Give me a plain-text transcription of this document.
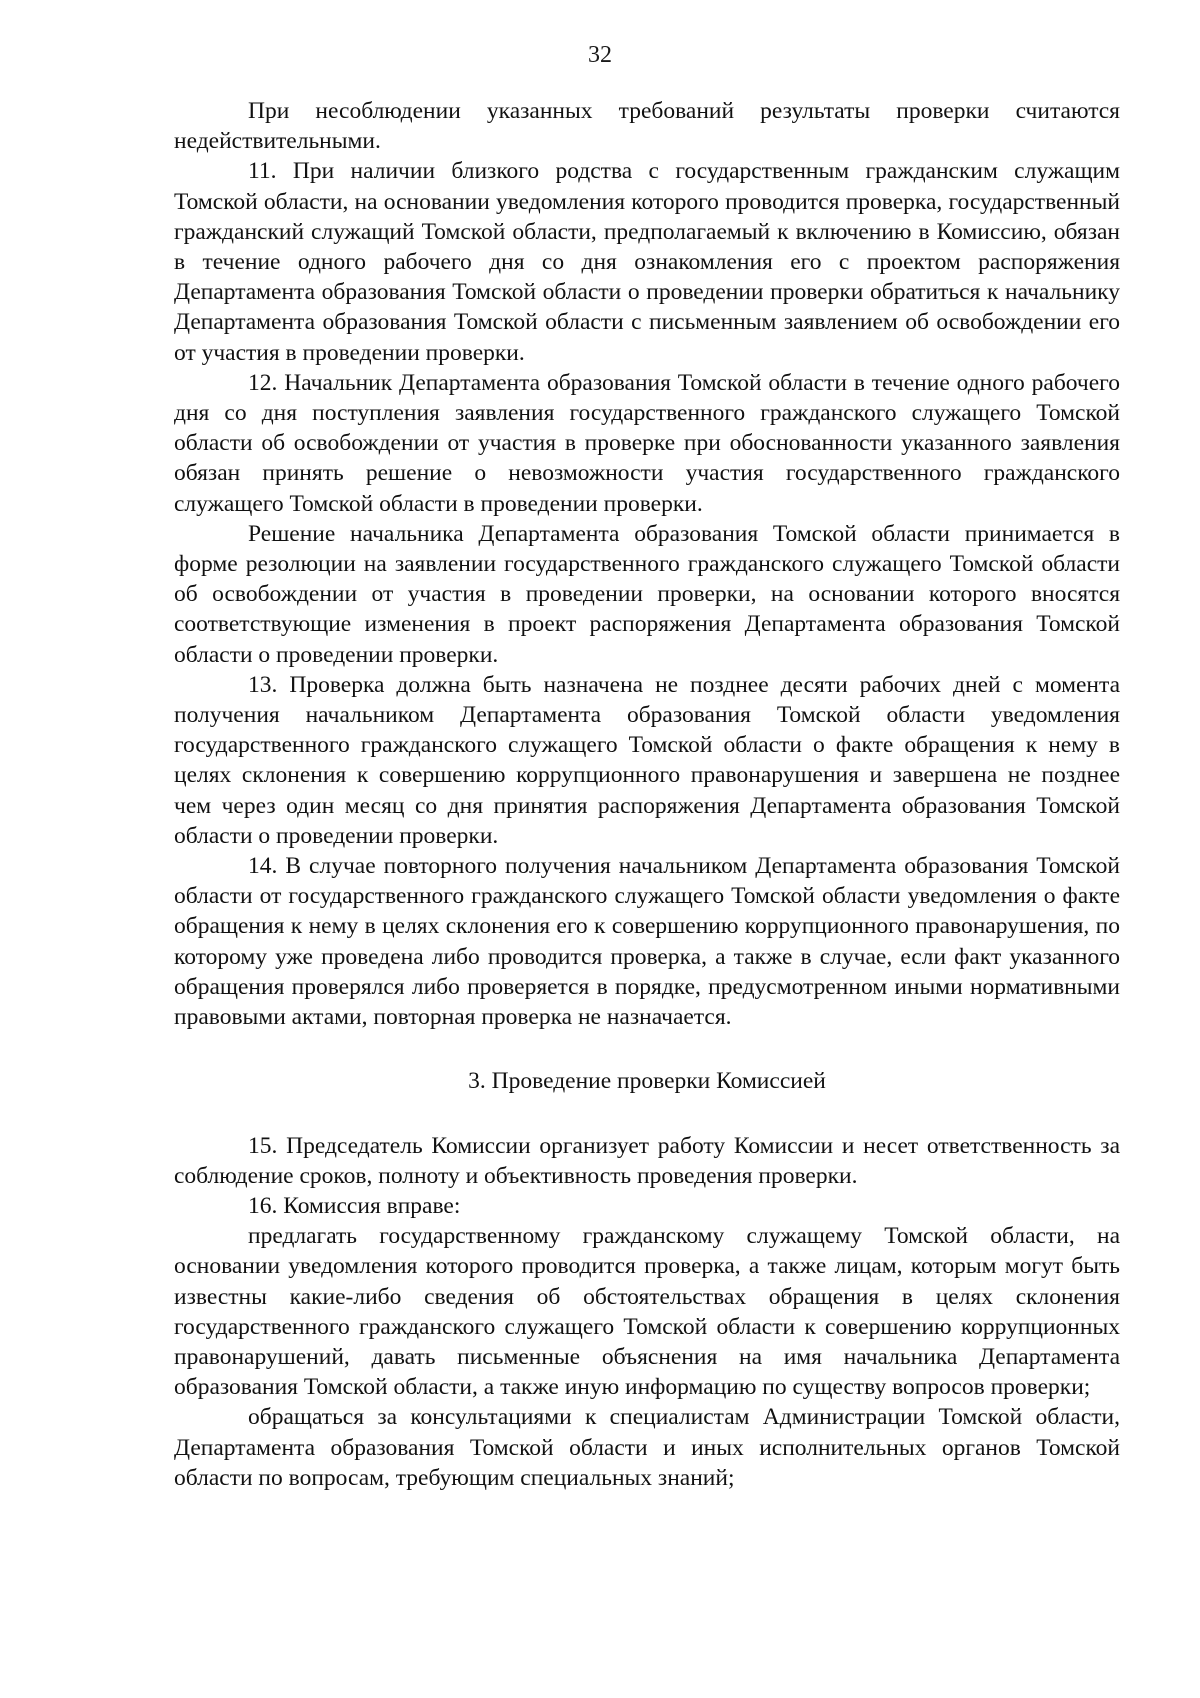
32

При несоблюдении указанных требований результаты проверки считаются недействительными.

11. При наличии близкого родства с государственным гражданским служащим Томской области, на основании уведомления которого проводится проверка, государственный гражданский служащий Томской области, предполагаемый к включению в Комиссию, обязан в течение одного рабочего дня со дня ознакомления его с проектом распоряжения Департамента образования Томской области о проведении проверки обратиться к начальнику Департамента образования Томской области с письменным заявлением об освобождении его от участия в проведении проверки.

12. Начальник Департамента образования Томской области в течение одного рабочего дня со дня поступления заявления государственного гражданского служащего Томской области об освобождении от участия в проверке при обоснованности указанного заявления обязан принять решение о невозможности участия государственного гражданского служащего Томской области в проведении проверки.

Решение начальника Департамента образования Томской области принимается в форме резолюции на заявлении государственного гражданского служащего Томской области об освобождении от участия в проведении проверки, на основании которого вносятся соответствующие изменения в проект распоряжения Департамента образования Томской области о проведении проверки.

13. Проверка должна быть назначена не позднее десяти рабочих дней с момента получения начальником Департамента образования Томской области уведомления государственного гражданского служащего Томской области о факте обращения к нему в целях склонения к совершению коррупционного правонарушения и завершена не позднее чем через один месяц со дня принятия распоряжения Департамента образования Томской области о проведении проверки.

14. В случае повторного получения начальником Департамента образования Томской области от государственного гражданского служащего Томской области уведомления о факте обращения к нему в целях склонения его к совершению коррупционного правонарушения, по которому уже проведена либо проводится проверка, а также в случае, если факт указанного обращения проверялся либо проверяется в порядке, предусмотренном иными нормативными правовыми актами, повторная проверка не назначается.

3. Проведение проверки Комиссией

15. Председатель Комиссии организует работу Комиссии и несет ответственность за соблюдение сроков, полноту и объективность проведения проверки.

16. Комиссия вправе:

предлагать государственному гражданскому служащему Томской области, на основании уведомления которого проводится проверка, а также лицам, которым могут быть известны какие-либо сведения об обстоятельствах обращения в целях склонения государственного гражданского служащего Томской области к совершению коррупционных правонарушений, давать письменные объяснения на имя начальника Департамента образования Томской области, а также иную информацию по существу вопросов проверки;

обращаться за консультациями к специалистам Администрации Томской области, Департамента образования Томской области и иных исполнительных органов Томской области по вопросам, требующим специальных знаний;
